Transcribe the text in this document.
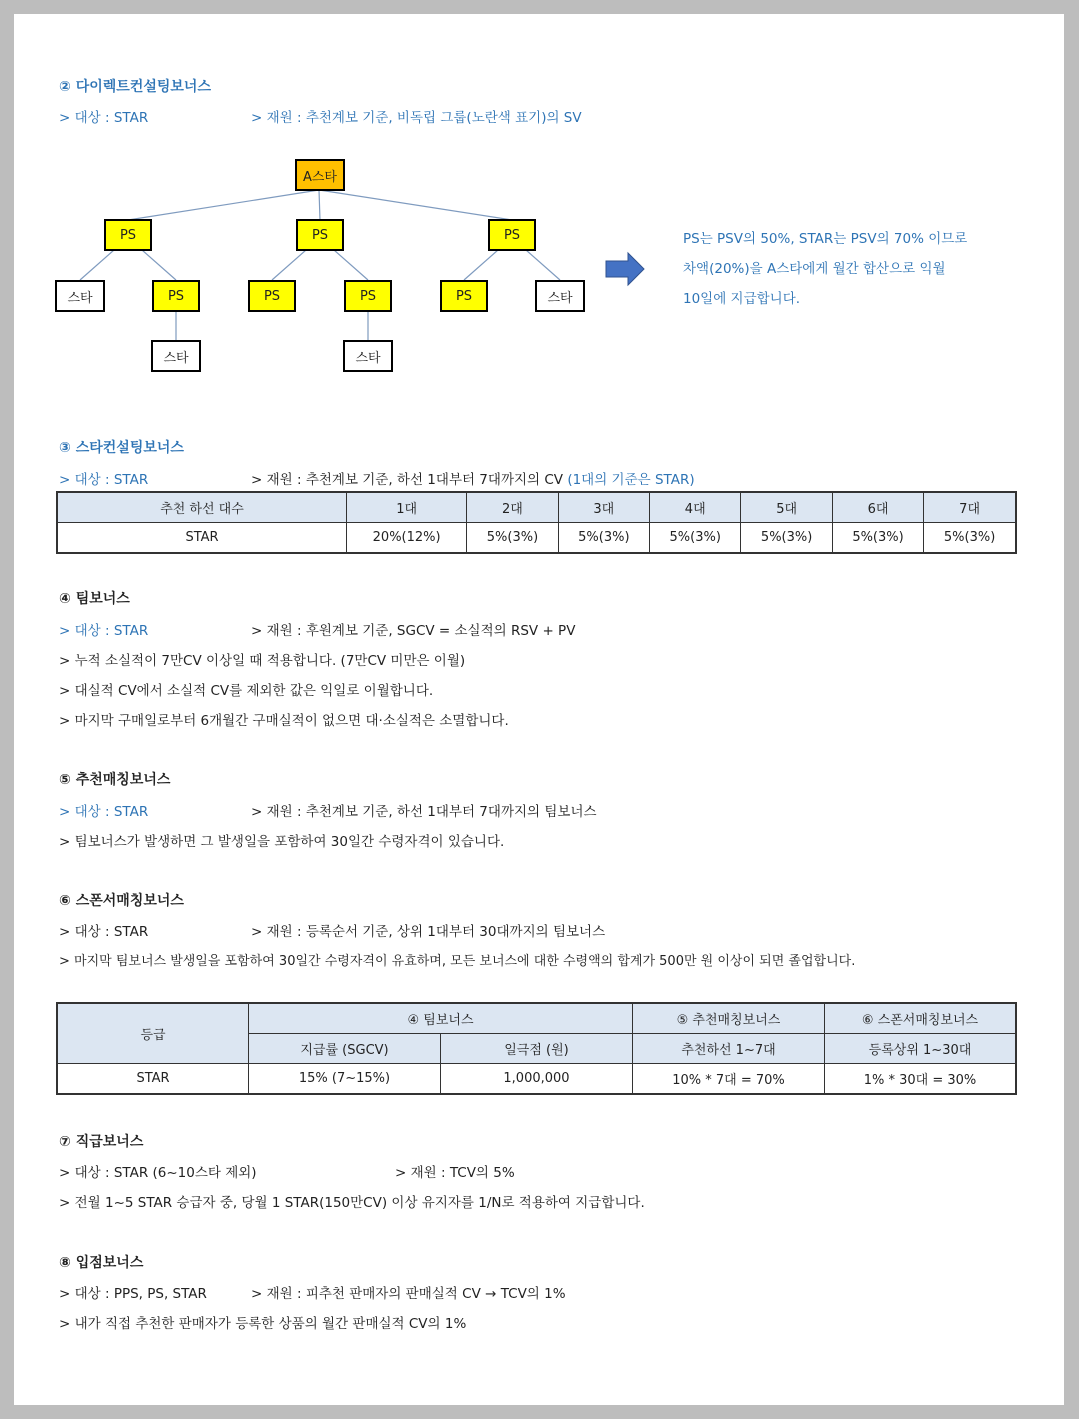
② 다이렉트컨설팅보너스
> 대상 : STAR	> 재원 : 추천계보 기준, 비독립 그룹(노란색 표기)의 SV
A스타
PS	PS	PS
스타	PS	PS	PS	PS	스타
스타	스타
PS는 PSV의 50%, STAR는 PSV의 70% 이므로
차액(20%)을 A스타에게 월간 합산으로 익월
10일에 지급합니다.
③ 스타컨설팅보너스
> 대상 : STAR	> 재원 : 추천계보 기준, 하선 1대부터 7대까지의 CV (1대의 기준은 STAR)
추천 하선 대수	1대	2대	3대	4대	5대	6대	7대
STAR	20%(12%)	5%(3%)	5%(3%)	5%(3%)	5%(3%)	5%(3%)	5%(3%)
④ 팀보너스
> 대상 : STAR	> 재원 : 후원계보 기준, SGCV = 소실적의 RSV + PV
> 누적 소실적이 7만CV 이상일 때 적용합니다. (7만CV 미만은 이월)
> 대실적 CV에서 소실적 CV를 제외한 값은 익일로 이월합니다.
> 마지막 구매일로부터 6개월간 구매실적이 없으면 대·소실적은 소멸합니다.
⑤ 추천매칭보너스
> 대상 : STAR	> 재원 : 추천계보 기준, 하선 1대부터 7대까지의 팀보너스
> 팀보너스가 발생하면 그 발생일을 포함하여 30일간 수령자격이 있습니다.
⑥ 스폰서매칭보너스
> 대상 : STAR	> 재원 : 등록순서 기준, 상위 1대부터 30대까지의 팀보너스
> 마지막 팀보너스 발생일을 포함하여 30일간 수령자격이 유효하며, 모든 보너스에 대한 수령액의 합계가 500만 원 이상이 되면 졸업합니다.
등급	④ 팀보너스		⑤ 추천매칭보너스	⑥ 스폰서매칭보너스
	지급률 (SGCV)	일극점 (원)	추천하선 1~7대	등록상위 1~30대
STAR	15% (7~15%)	1,000,000	10% * 7대 = 70%	1% * 30대 = 30%
⑦ 직급보너스
> 대상 : STAR (6~10스타 제외)	> 재원 : TCV의 5%
> 전월 1~5 STAR 승급자 중, 당월 1 STAR(150만CV) 이상 유지자를 1/N로 적용하여 지급합니다.
⑧ 입점보너스
> 대상 : PPS, PS, STAR	> 재원 : 피추천 판매자의 판매실적 CV → TCV의 1%
> 내가 직접 추천한 판매자가 등록한 상품의 월간 판매실적 CV의 1%
